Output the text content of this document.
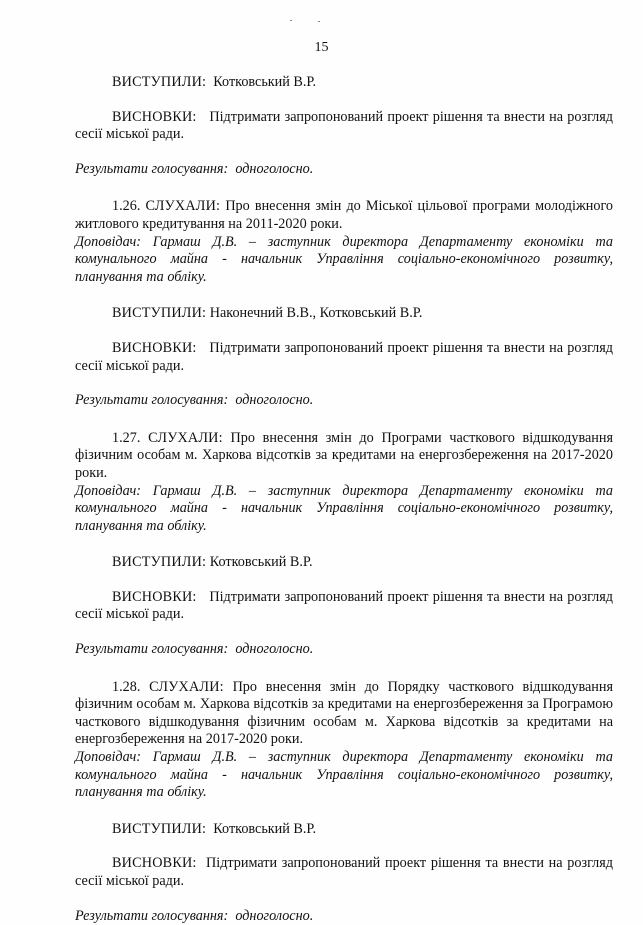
15

ВИСТУПИЛИ: Котковський В.Р.

ВИСНОВКИ: Підтримати запропонований проект рішення та внести на розгляд сесії міської ради.

Результати голосування: одноголосно.

1.26. СЛУХАЛИ: Про внесення змін до Міської цільової програми молодіжного житлового кредитування на 2011-2020 роки.

Доповідач: Гармаш Д.В. – заступник директора Департаменту економіки та комунального майна - начальник Управління соціально-економічного розвитку, планування та обліку.

ВИСТУПИЛИ: Наконечний В.В., Котковський В.Р.

ВИСНОВКИ: Підтримати запропонований проект рішення та внести на розгляд сесії міської ради.

Результати голосування: одноголосно.

1.27. СЛУХАЛИ: Про внесення змін до Програми часткового відшкодування фізичним особам м. Харкова відсотків за кредитами на енергозбереження на 2017-2020 роки.

Доповідач: Гармаш Д.В. – заступник директора Департаменту економіки та комунального майна - начальник Управління соціально-економічного розвитку, планування та обліку.

ВИСТУПИЛИ: Котковський В.Р.

ВИСНОВКИ: Підтримати запропонований проект рішення та внести на розгляд сесії міської ради.

Результати голосування: одноголосно.

1.28. СЛУХАЛИ: Про внесення змін до Порядку часткового відшкодування фізичним особам м. Харкова відсотків за кредитами на енергозбереження за Програмою часткового відшкодування фізичним особам м. Харкова відсотків за кредитами на енергозбереження на 2017-2020 роки.

Доповідач: Гармаш Д.В. – заступник директора Департаменту економіки та комунального майна - начальник Управління соціально-економічного розвитку, планування та обліку.

ВИСТУПИЛИ: Котковський В.Р.

ВИСНОВКИ: Підтримати запропонований проект рішення та внести на розгляд сесії міської ради.

Результати голосування: одноголосно.
